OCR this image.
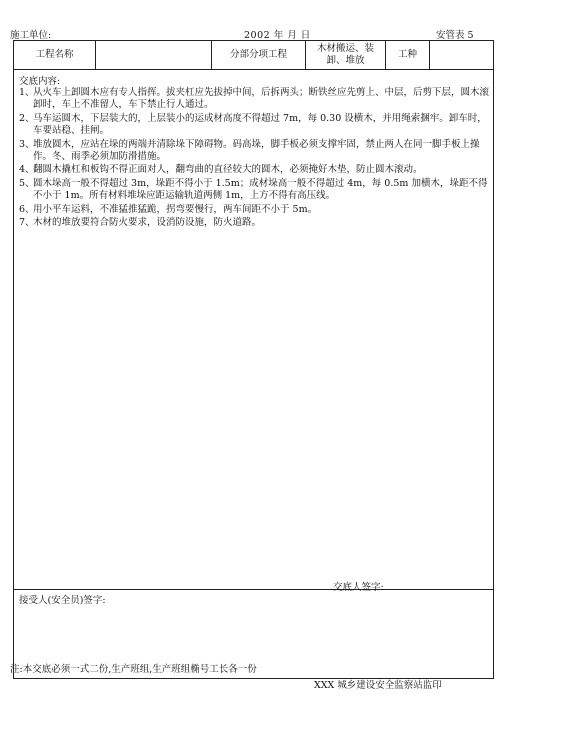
施工单位:	2002 年 月 日	安管表 5
工程名称		分部分项工程	木材搬运、装卸、堆放	工种	

交底内容:
1、从火车上卸圆木应有专人指挥。拔夹杠应先拔掉中间，后拆两头；断铁丝应先剪上、中层，后剪下层，圆木滚卸时，车上不准留人，车下禁止行人通过。
2、马车运圆木，下层装大的，上层装小的运成材高度不得超过 7m，每 0.30 设横木，并用绳索捆牢。卸车时，车要站稳、挂闸。
3、堆放圆木，应站在垛的两端并清除垛下障碍物。码高垛，脚手板必须支撑牢固，禁止两人在同一脚手板上操作。冬、雨季必须加防滑措施。
4、翻圆木撬杠和板钩不得正面对人，翻弯曲的直径较大的圆木，必须掩好木垫，防止圆木滚动。
5、圆木垛高一般不得超过 3m，垛距不得小于 1.5m；成材垛高一般不得超过 4m，每 0.5m 加横木，垛距不得不小于 1m。所有材料堆垛应距运输轨道两侧 1m，上方不得有高压线。
6、用小平车运料，不准猛推猛跪，拐弯要慢行，两车间距不小于 5m。
7、木材的堆放要符合防火要求，设消防设施，防火道路。
交底人签字:

接受人(安全员)签字:
注:本交底必须一式二份,生产班组,生产班组椭号工长各一份
XXX 城乡建设安全监察站监印
